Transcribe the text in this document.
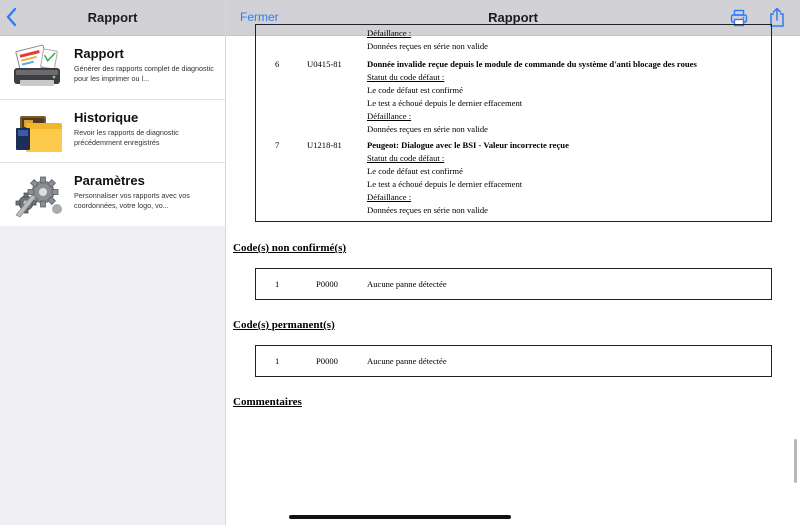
Rapport
Rapport
Générer des rapports complet de diagnostic pour les imprimer ou l...
Historique
Revoir les rapports de diagnostic précédemment enregistrés
Paramètres
Personnaliser vos rapports avec vos coordonnées, votre logo, vo...
Fermer	Rapport
Défaillance :
Données reçues en série non valide
6	U0415-81	Donnée invalide reçue depuis le module de commande du système d'anti blocage des roues
Statut du code défaut :
Le code défaut est confirmé
Le test a échoué depuis le dernier effacement
Défaillance :
Données reçues en série non valide
7	U1218-81	Peugeot: Dialogue avec le BSI - Valeur incorrecte reçue
Statut du code défaut :
Le code défaut est confirmé
Le test a échoué depuis le dernier effacement
Défaillance :
Données reçues en série non valide
Code(s) non confirmé(s)
1	P0000	Aucune panne détectée
Code(s) permanent(s)
1	P0000	Aucune panne détectée
Commentaires
